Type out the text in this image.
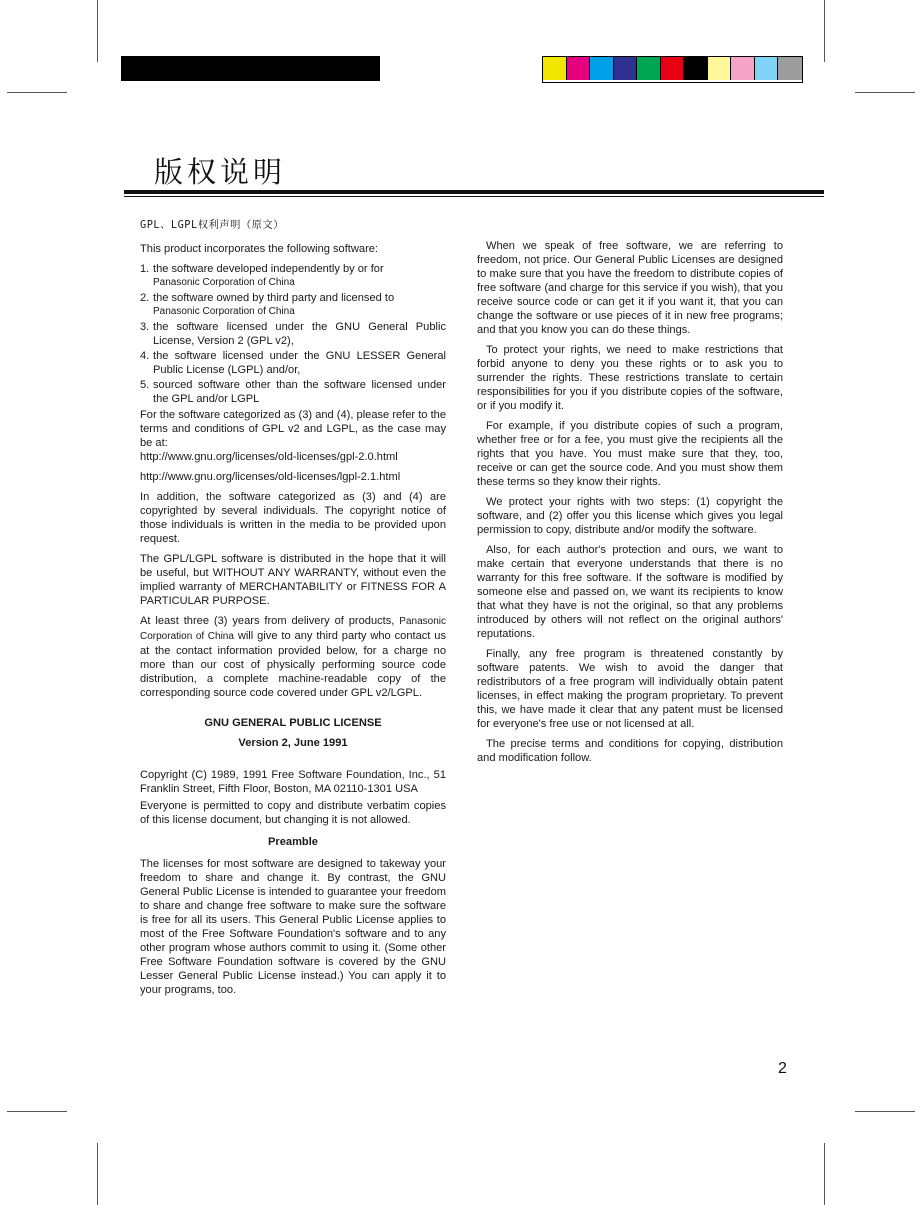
版权说明
GPL、LGPL权利声明（原文）

This product incorporates the following software:

1. the software developed independently by or for
Panasonic Corporation of China
2. the software owned by third party and licensed to
Panasonic Corporation of China
3. the software licensed under the GNU General Public License, Version 2 (GPL v2),
4. the software licensed under the GNU LESSER General Public License (LGPL) and/or,
5. sourced software other than the software licensed under the GPL and/or LGPL

For the software categorized as (3) and (4), please refer to the terms and conditions of GPL v2 and LGPL, as the case may be at:

http://www.gnu.org/licenses/old-licenses/gpl-2.0.html

http://www.gnu.org/licenses/old-licenses/lgpl-2.1.html

In addition, the software categorized as (3) and (4) are copyrighted by several individuals. The copyright notice of those individuals is written in the media to be provided upon request.

The GPL/LGPL software is distributed in the hope that it will be useful, but WITHOUT ANY WARRANTY, without even the implied warranty of MERCHANTABILITY or FITNESS FOR A PARTICULAR PURPOSE.

At least three (3) years from delivery of products, Panasonic Corporation of China will give to any third party who contact us at the contact information provided below, for a charge no more than our cost of physically performing source code distribution, a complete machine-readable copy of the corresponding source code covered under GPL v2/LGPL.

GNU GENERAL PUBLIC LICENSE

Version 2, June 1991

Copyright (C) 1989, 1991 Free Software Foundation, Inc., 51 Franklin Street, Fifth Floor, Boston, MA 02110-1301 USA

Everyone is permitted to copy and distribute verbatim copies of this license document, but changing it is not allowed.

Preamble

The licenses for most software are designed to takeway your freedom to share and change it. By contrast, the GNU General Public License is intended to guarantee your freedom to share and change free software to make sure the software is free for all its users. This General Public License applies to most of the Free Software Foundation's software and to any other program whose authors commit to using it. (Some other Free Software Foundation software is covered by the GNU Lesser General Public License instead.) You can apply it to your programs, too.

When we speak of free software, we are referring to freedom, not price. Our General Public Licenses are designed to make sure that you have the freedom to distribute copies of free software (and charge for this service if you wish), that you receive source code or can get it if you want it, that you can change the software or use pieces of it in new free programs; and that you know you can do these things.

To protect your rights, we need to make restrictions that forbid anyone to deny you these rights or to ask you to surrender the rights. These restrictions translate to certain responsibilities for you if you distribute copies of the software, or if you modify it.

For example, if you distribute copies of such a program, whether free or for a fee, you must give the recipients all the rights that you have. You must make sure that they, too, receive or can get the source code. And you must show them these terms so they know their rights.

We protect your rights with two steps: (1) copyright the software, and (2) offer you this license which gives you legal permission to copy, distribute and/or modify the software.

Also, for each author's protection and ours, we want to make certain that everyone understands that there is no warranty for this free software. If the software is modified by someone else and passed on, we want its recipients to know that what they have is not the original, so that any problems introduced by others will not reflect on the original authors' reputations.

Finally, any free program is threatened constantly by software patents. We wish to avoid the danger that redistributors of a free program will individually obtain patent licenses, in effect making the program proprietary. To prevent this, we have made it clear that any patent must be licensed for everyone's free use or not licensed at all.

The precise terms and conditions for copying, distribution and modification follow.

2
